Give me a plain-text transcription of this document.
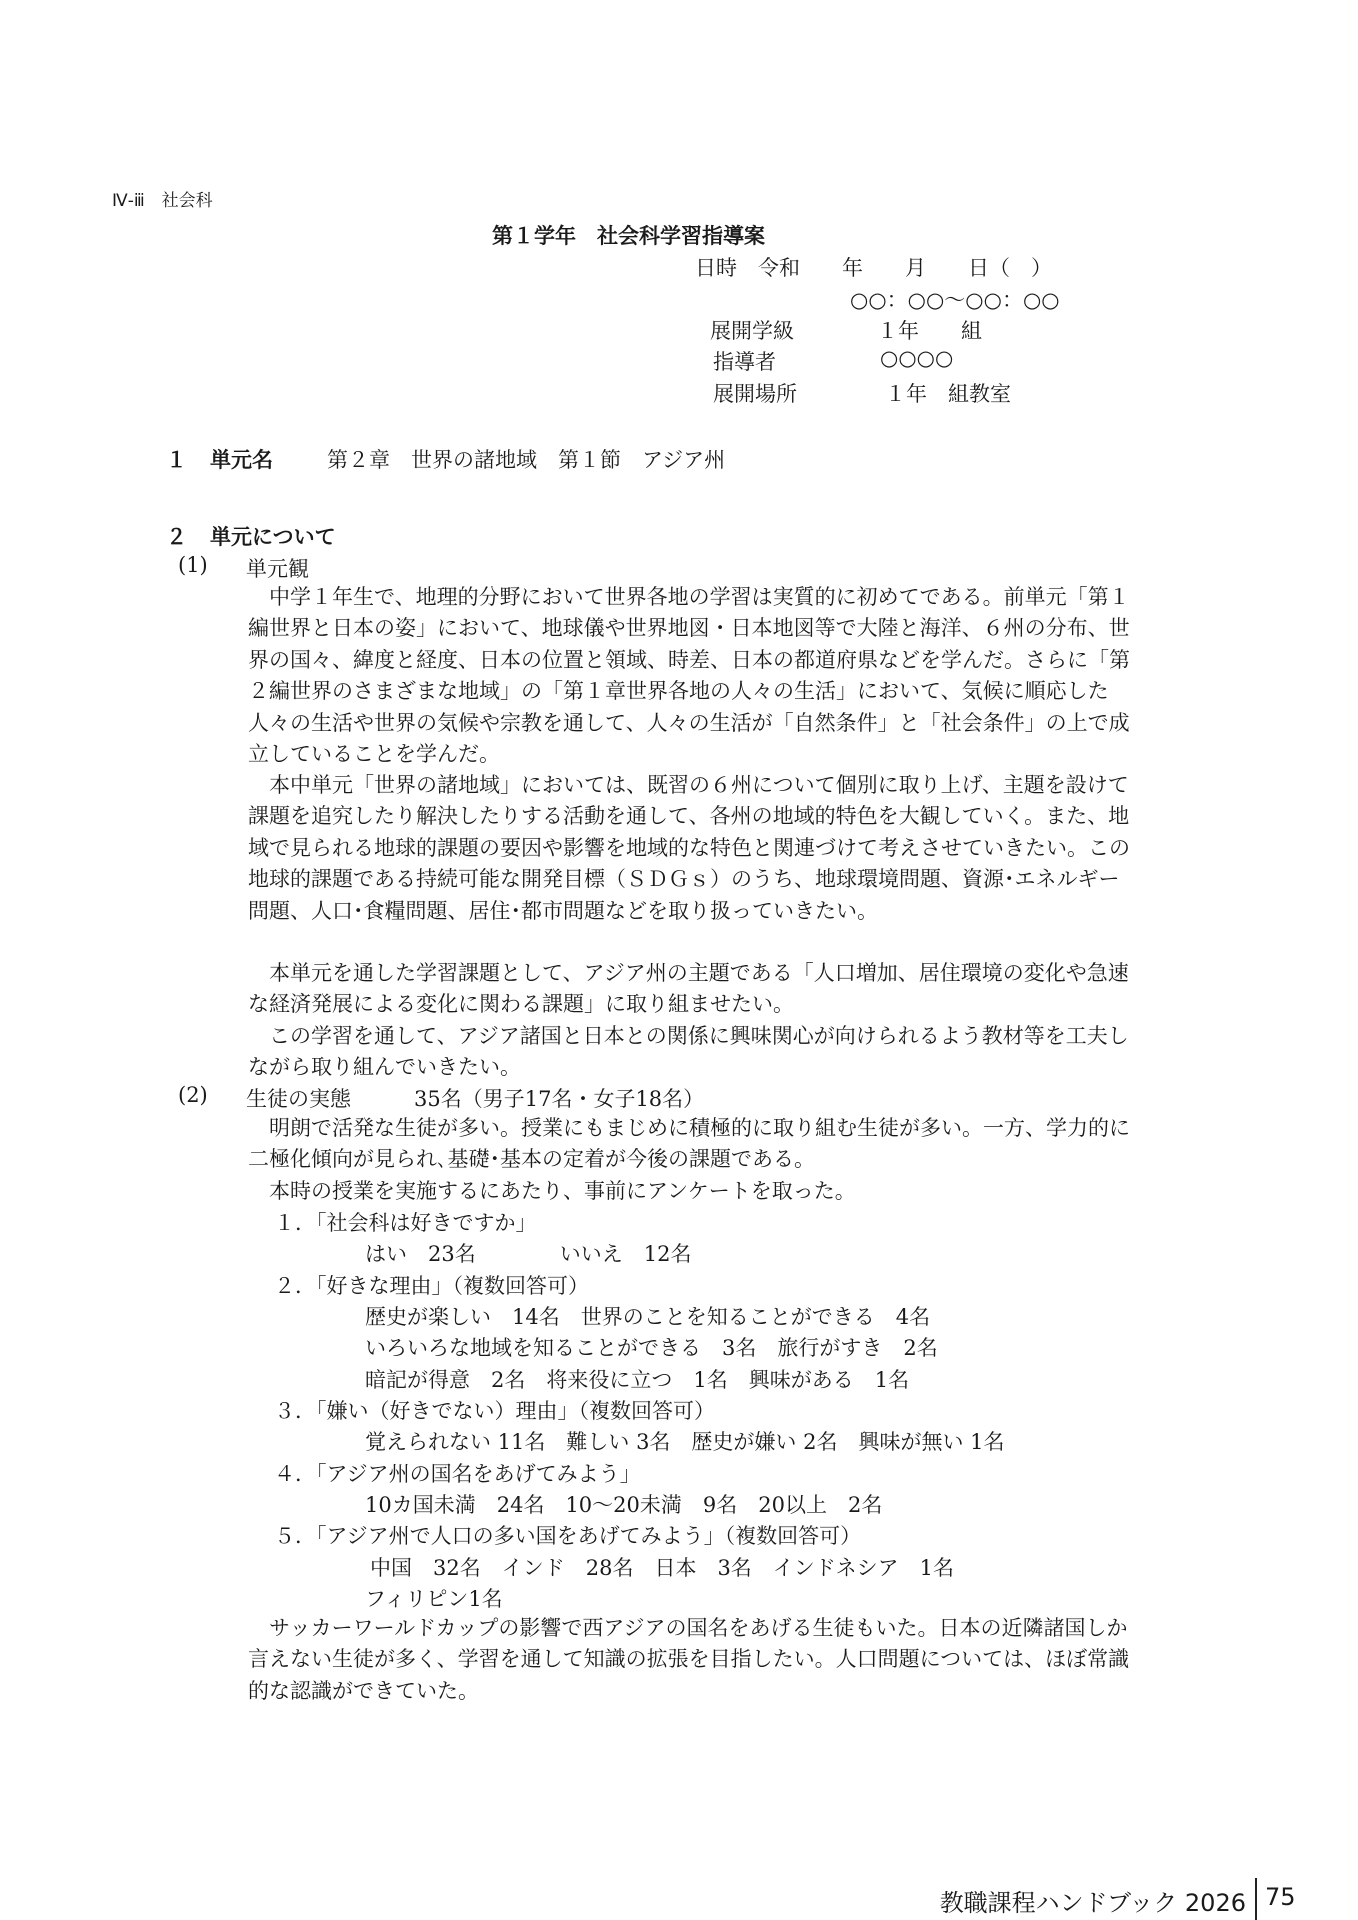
Ⅳ-ⅲ　社会科
第１学年　社会科学習指導案
日時　令和　　年　　月　　日（　）
○○：○○～○○：○○
展開学級	１年　　組
指導者	○○○○
展開場所	１年　組教室
１ 単元名	第２章　世界の諸地域　第１節　アジア州
２ 単元について
(1) 単元観
　中学１年生で、地理的分野において世界各地の学習は実質的に初めてである。前単元「第１編世界と日本の姿」において、地球儀や世界地図・日本地図等で大陸と海洋、６州の分布、世界の国々、緯度と経度、日本の位置と領域、時差、日本の都道府県などを学んだ。さらに「第２編世界のさまざまな地域」の「第１章世界各地の人々の生活」において、気候に順応した人々の生活や世界の気候や宗教を通して、人々の生活が「自然条件」と「社会条件」の上で成立していることを学んだ。
　本中単元「世界の諸地域」においては、既習の６州について個別に取り上げ、主題を設けて課題を追究したり解決したりする活動を通して、各州の地域的特色を大観していく。また、地域で見られる地球的課題の要因や影響を地域的な特色と関連づけて考えさせていきたい。この地球的課題である持続可能な開発目標（ＳＤＧｓ）のうち、地球環境問題、資源･エネルギー問題、人口･食糧問題、居住･都市問題などを取り扱っていきたい。
　本単元を通した学習課題として、アジア州の主題である「人口増加、居住環境の変化や急速な経済発展による変化に関わる課題」に取り組ませたい。
　この学習を通して、アジア諸国と日本との関係に興味関心が向けられるよう教材等を工夫しながら取り組んでいきたい。
(2) 生徒の実態	35名（男子17名・女子18名）
　明朗で活発な生徒が多い。授業にもまじめに積極的に取り組む生徒が多い。一方、学力的に二極化傾向が見られ､基礎･基本の定着が今後の課題である。
　本時の授業を実施するにあたり、事前にアンケートを取った。
１．「社会科は好きですか」
はい　23名　　　　いいえ　12名
２．「好きな理由」（複数回答可）
歴史が楽しい　14名　世界のことを知ることができる　4名
いろいろな地域を知ることができる　3名　旅行がすき　2名
暗記が得意　2名　将来役に立つ　1名　興味がある　1名
３．「嫌い（好きでない）理由」（複数回答可）
覚えられない 11名　難しい 3名　歴史が嫌い 2名　興味が無い 1名
４．「アジア州の国名をあげてみよう」
10カ国未満　24名　10～20未満　9名　20以上　2名
５．「アジア州で人口の多い国をあげてみよう」（複数回答可）
中国　32名　インド　28名　日本　3名　インドネシア　1名
フィリピン1名
　サッカーワールドカップの影響で西アジアの国名をあげる生徒もいた。日本の近隣諸国しか言えない生徒が多く、学習を通して知識の拡張を目指したい。人口問題については、ほぼ常識的な認識ができていた。
教職課程ハンドブック 2026 75
